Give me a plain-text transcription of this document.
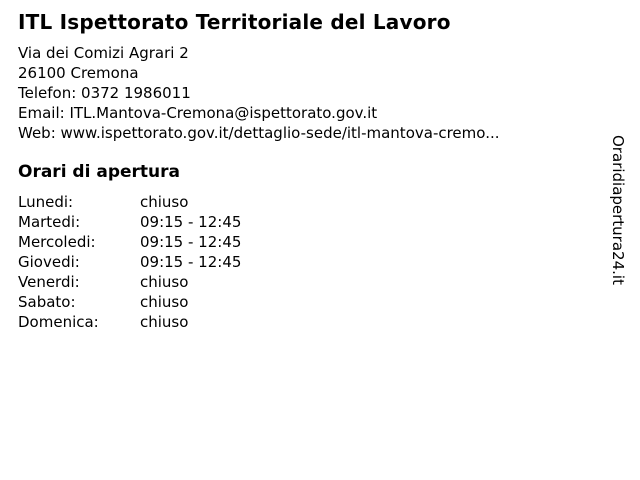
ITL Ispettorato Territoriale del Lavoro
Via dei Comizi Agrari 2
26100 Cremona
Telefon: 0372 1986011
Email: ITL.Mantova-Cremona@ispettorato.gov.it
Web: www.ispettorato.gov.it/dettaglio-sede/itl-mantova-cremo...
Orari di apertura
Lunedi:	chiuso
Martedi:	09:15 - 12:45
Mercoledi:	09:15 - 12:45
Giovedi:	09:15 - 12:45
Venerdi:	chiuso
Sabato:	chiuso
Domenica:	chiuso
Oraridiapertura24.it
